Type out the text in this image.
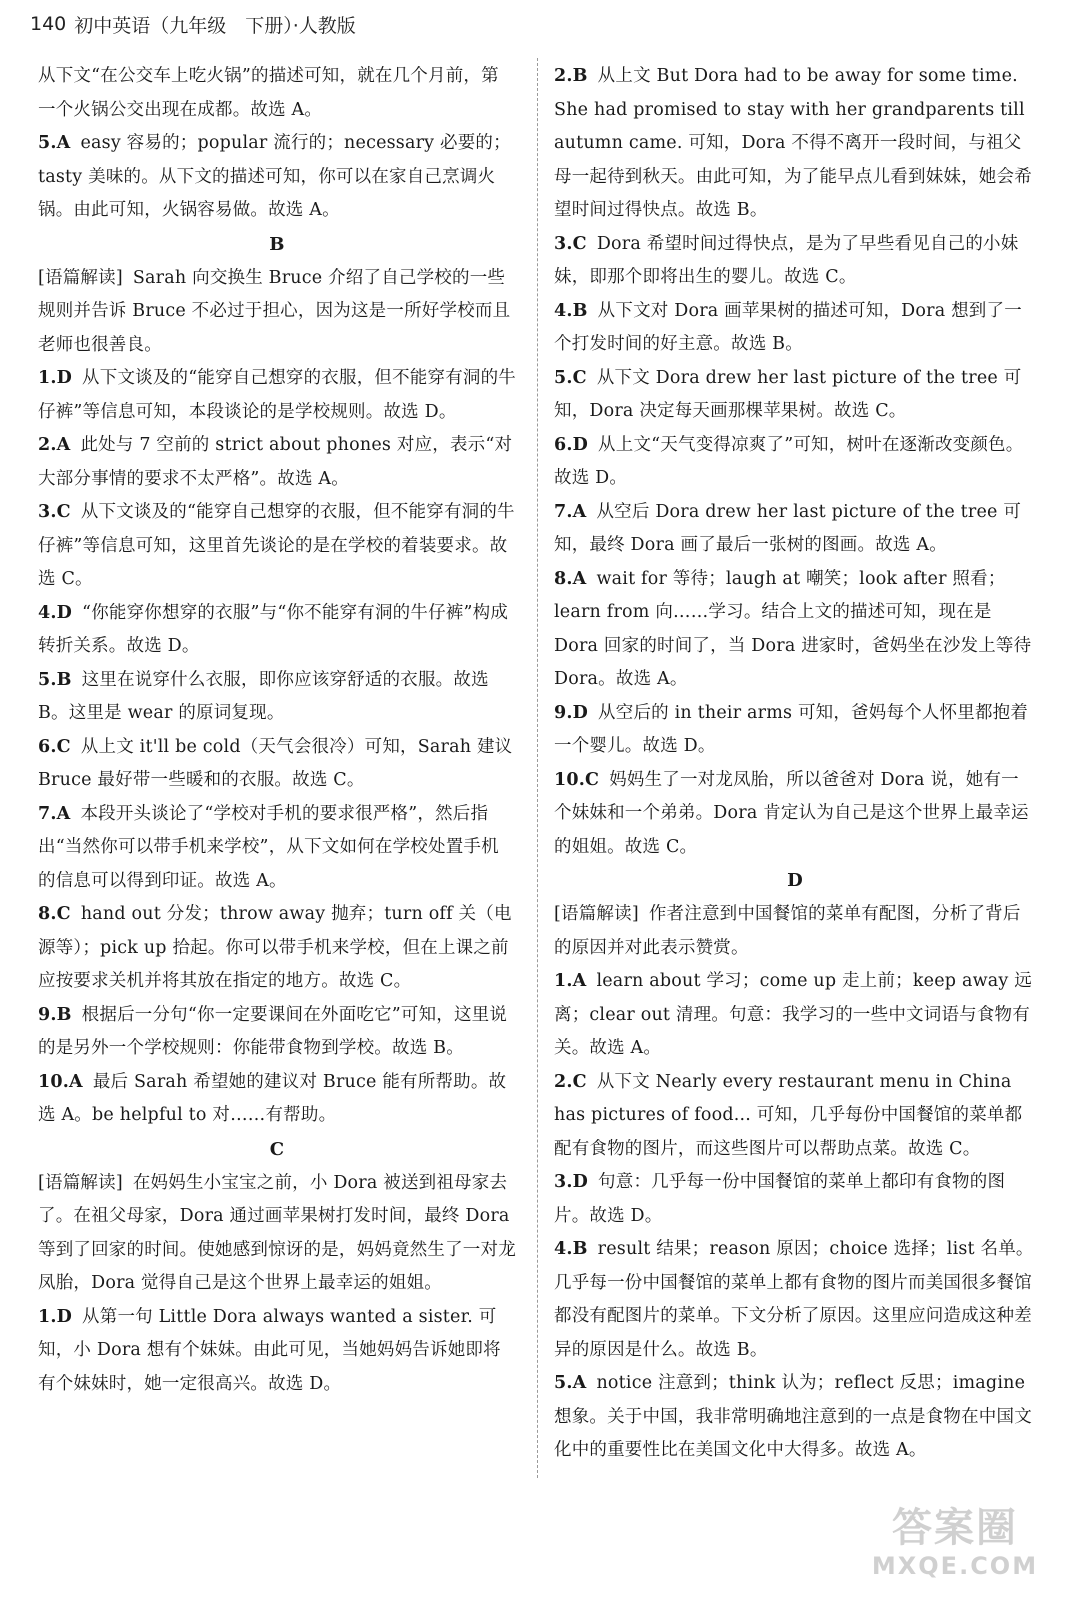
140 初中英语（九年级　下册）·人教版

从下文“在公交车上吃火锅”的描述可知，就在几个月前，第一个火锅公交出现在成都。故选 A。

5.A easy 容易的；popular 流行的；necessary 必要的；tasty 美味的。从下文的描述可知，你可以在家自己烹调火锅。由此可知，火锅容易做。故选 A。

B

[语篇解读] Sarah 向交换生 Bruce 介绍了自己学校的一些规则并告诉 Bruce 不必过于担心，因为这是一所好学校而且老师也很善良。

1.D 从下文谈及的“能穿自己想穿的衣服，但不能穿有洞的牛仔裤”等信息可知，本段谈论的是学校规则。故选 D。

2.A 此处与 7 空前的 strict about phones 对应，表示“对大部分事情的要求不太严格”。故选 A。

3.C 从下文谈及的“能穿自己想穿的衣服，但不能穿有洞的牛仔裤”等信息可知，这里首先谈论的是在学校的着装要求。故选 C。

4.D “你能穿你想穿的衣服”与“你不能穿有洞的牛仔裤”构成转折关系。故选 D。

5.B 这里在说穿什么衣服，即你应该穿舒适的衣服。故选 B。这里是 wear 的原词复现。

6.C 从上文 it'll be cold（天气会很冷）可知，Sarah 建议 Bruce 最好带一些暖和的衣服。故选 C。

7.A 本段开头谈论了“学校对手机的要求很严格”，然后指出“当然你可以带手机来学校”，从下文如何在学校处置手机的信息可以得到印证。故选 A。

8.C hand out 分发；throw away 抛弃；turn off 关（电源等）；pick up 拾起。你可以带手机来学校，但在上课之前应按要求关机并将其放在指定的地方。故选 C。

9.B 根据后一分句“你一定要课间在外面吃它”可知，这里说的是另外一个学校规则：你能带食物到学校。故选 B。

10.A 最后 Sarah 希望她的建议对 Bruce 能有所帮助。故选 A。be helpful to 对……有帮助。

C

[语篇解读] 在妈妈生小宝宝之前，小 Dora 被送到祖母家去了。在祖父母家，Dora 通过画苹果树打发时间，最终 Dora 等到了回家的时间。使她感到惊讶的是，妈妈竟然生了一对龙凤胎，Dora 觉得自己是这个世界上最幸运的姐姐。

1.D 从第一句 Little Dora always wanted a sister. 可知，小 Dora 想有个妹妹。由此可见，当她妈妈告诉她即将有个妹妹时，她一定很高兴。故选 D。

2.B 从上文 But Dora had to be away for some time. She had promised to stay with her grandparents till autumn came. 可知，Dora 不得不离开一段时间，与祖父母一起待到秋天。由此可知，为了能早点儿看到妹妹，她会希望时间过得快点。故选 B。

3.C Dora 希望时间过得快点，是为了早些看见自己的小妹妹，即那个即将出生的婴儿。故选 C。

4.B 从下文对 Dora 画苹果树的描述可知，Dora 想到了一个打发时间的好主意。故选 B。

5.C 从下文 Dora drew her last picture of the tree 可知，Dora 决定每天画那棵苹果树。故选 C。

6.D 从上文“天气变得凉爽了”可知，树叶在逐渐改变颜色。故选 D。

7.A 从空后 Dora drew her last picture of the tree 可知，最终 Dora 画了最后一张树的图画。故选 A。

8.A wait for 等待；laugh at 嘲笑；look after 照看；learn from 向……学习。结合上文的描述可知，现在是 Dora 回家的时间了，当 Dora 进家时，爸妈坐在沙发上等待 Dora。故选 A。

9.D 从空后的 in their arms 可知，爸妈每个人怀里都抱着一个婴儿。故选 D。

10.C 妈妈生了一对龙凤胎，所以爸爸对 Dora 说，她有一个妹妹和一个弟弟。Dora 肯定认为自己是这个世界上最幸运的姐姐。故选 C。

D

[语篇解读] 作者注意到中国餐馆的菜单有配图，分析了背后的原因并对此表示赞赏。

1.A learn about 学习；come up 走上前；keep away 远离；clear out 清理。句意：我学习的一些中文词语与食物有关。故选 A。

2.C 从下文 Nearly every restaurant menu in China has pictures of food... 可知，几乎每份中国餐馆的菜单都配有食物的图片，而这些图片可以帮助点菜。故选 C。

3.D 句意：几乎每一份中国餐馆的菜单上都印有食物的图片。故选 D。

4.B result 结果；reason 原因；choice 选择；list 名单。几乎每一份中国餐馆的菜单上都有食物的图片而美国很多餐馆都没有配图片的菜单。下文分析了原因。这里应问造成这种差异的原因是什么。故选 B。

5.A notice 注意到；think 认为；reflect 反思；imagine 想象。关于中国，我非常明确地注意到的一点是食物在中国文化中的重要性比在美国文化中大得多。故选 A。

答案圈
MXQE.COM
